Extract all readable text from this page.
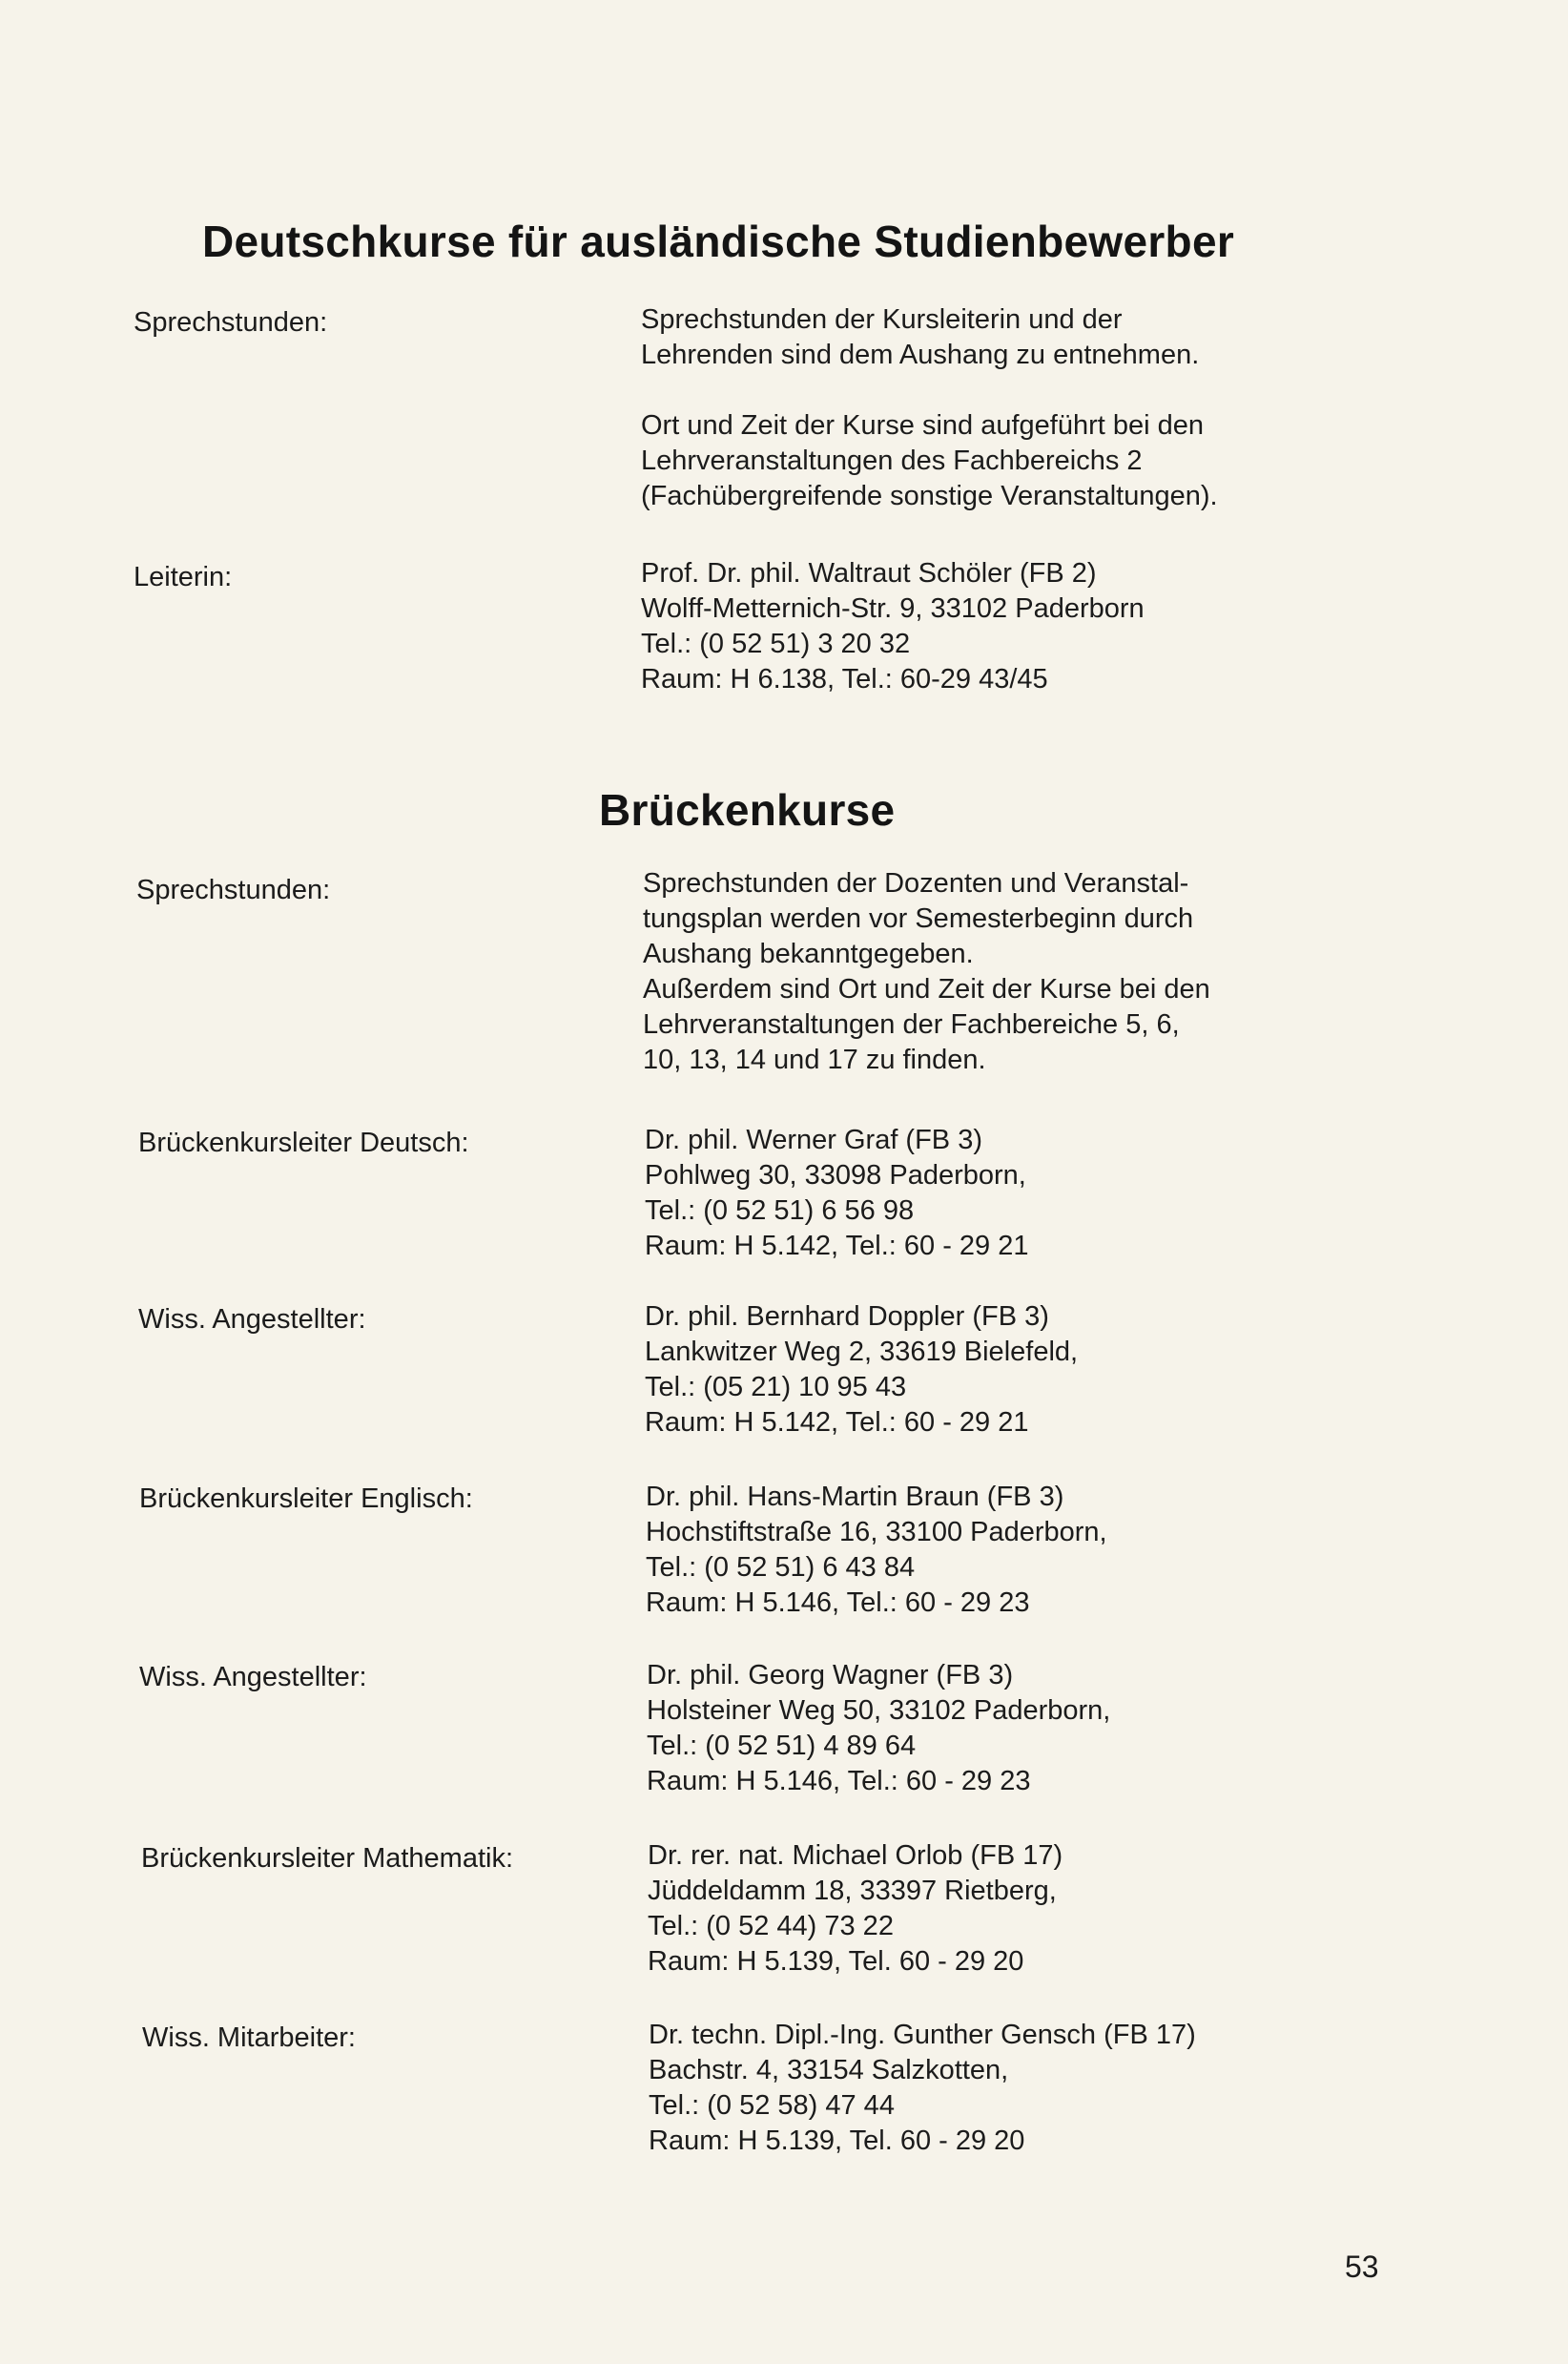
Deutschkurse für ausländische Studienbewerber
Sprechstunden:	Sprechstunden der Kursleiterin und der
Lehrenden sind dem Aushang zu entnehmen.
Ort und Zeit der Kurse sind aufgeführt bei den
Lehrveranstaltungen des Fachbereichs 2
(Fachübergreifende sonstige Veranstaltungen).
Leiterin:	Prof. Dr. phil. Waltraut Schöler (FB 2)
Wolff-Metternich-Str. 9, 33102 Paderborn
Tel.: (0 52 51) 3 20 32
Raum: H 6.138, Tel.: 60-29 43/45
Brückenkurse
Sprechstunden:	Sprechstunden der Dozenten und Veranstal-
tungsplan werden vor Semesterbeginn durch
Aushang bekanntgegeben.
Außerdem sind Ort und Zeit der Kurse bei den
Lehrveranstaltungen der Fachbereiche 5, 6,
10, 13, 14 und 17 zu finden.
Brückenkursleiter Deutsch:	Dr. phil. Werner Graf (FB 3)
Pohlweg 30, 33098 Paderborn,
Tel.: (0 52 51) 6 56 98
Raum: H 5.142, Tel.: 60 - 29 21
Wiss. Angestellter:	Dr. phil. Bernhard Doppler (FB 3)
Lankwitzer Weg 2, 33619 Bielefeld,
Tel.: (05 21) 10 95 43
Raum: H 5.142, Tel.: 60 - 29 21
Brückenkursleiter Englisch:	Dr. phil. Hans-Martin Braun (FB 3)
Hochstiftstraße 16, 33100 Paderborn,
Tel.: (0 52 51) 6 43 84
Raum: H 5.146, Tel.: 60 - 29 23
Wiss. Angestellter:	Dr. phil. Georg Wagner (FB 3)
Holsteiner Weg 50, 33102 Paderborn,
Tel.: (0 52 51) 4 89 64
Raum: H 5.146, Tel.: 60 - 29 23
Brückenkursleiter Mathematik:	Dr. rer. nat. Michael Orlob (FB 17)
Jüddeldamm 18, 33397 Rietberg,
Tel.: (0 52 44) 73 22
Raum: H 5.139, Tel. 60 - 29 20
Wiss. Mitarbeiter:	Dr. techn. Dipl.-Ing. Gunther Gensch (FB 17)
Bachstr. 4, 33154 Salzkotten,
Tel.: (0 52 58) 47 44
Raum: H 5.139, Tel. 60 - 29 20
53
